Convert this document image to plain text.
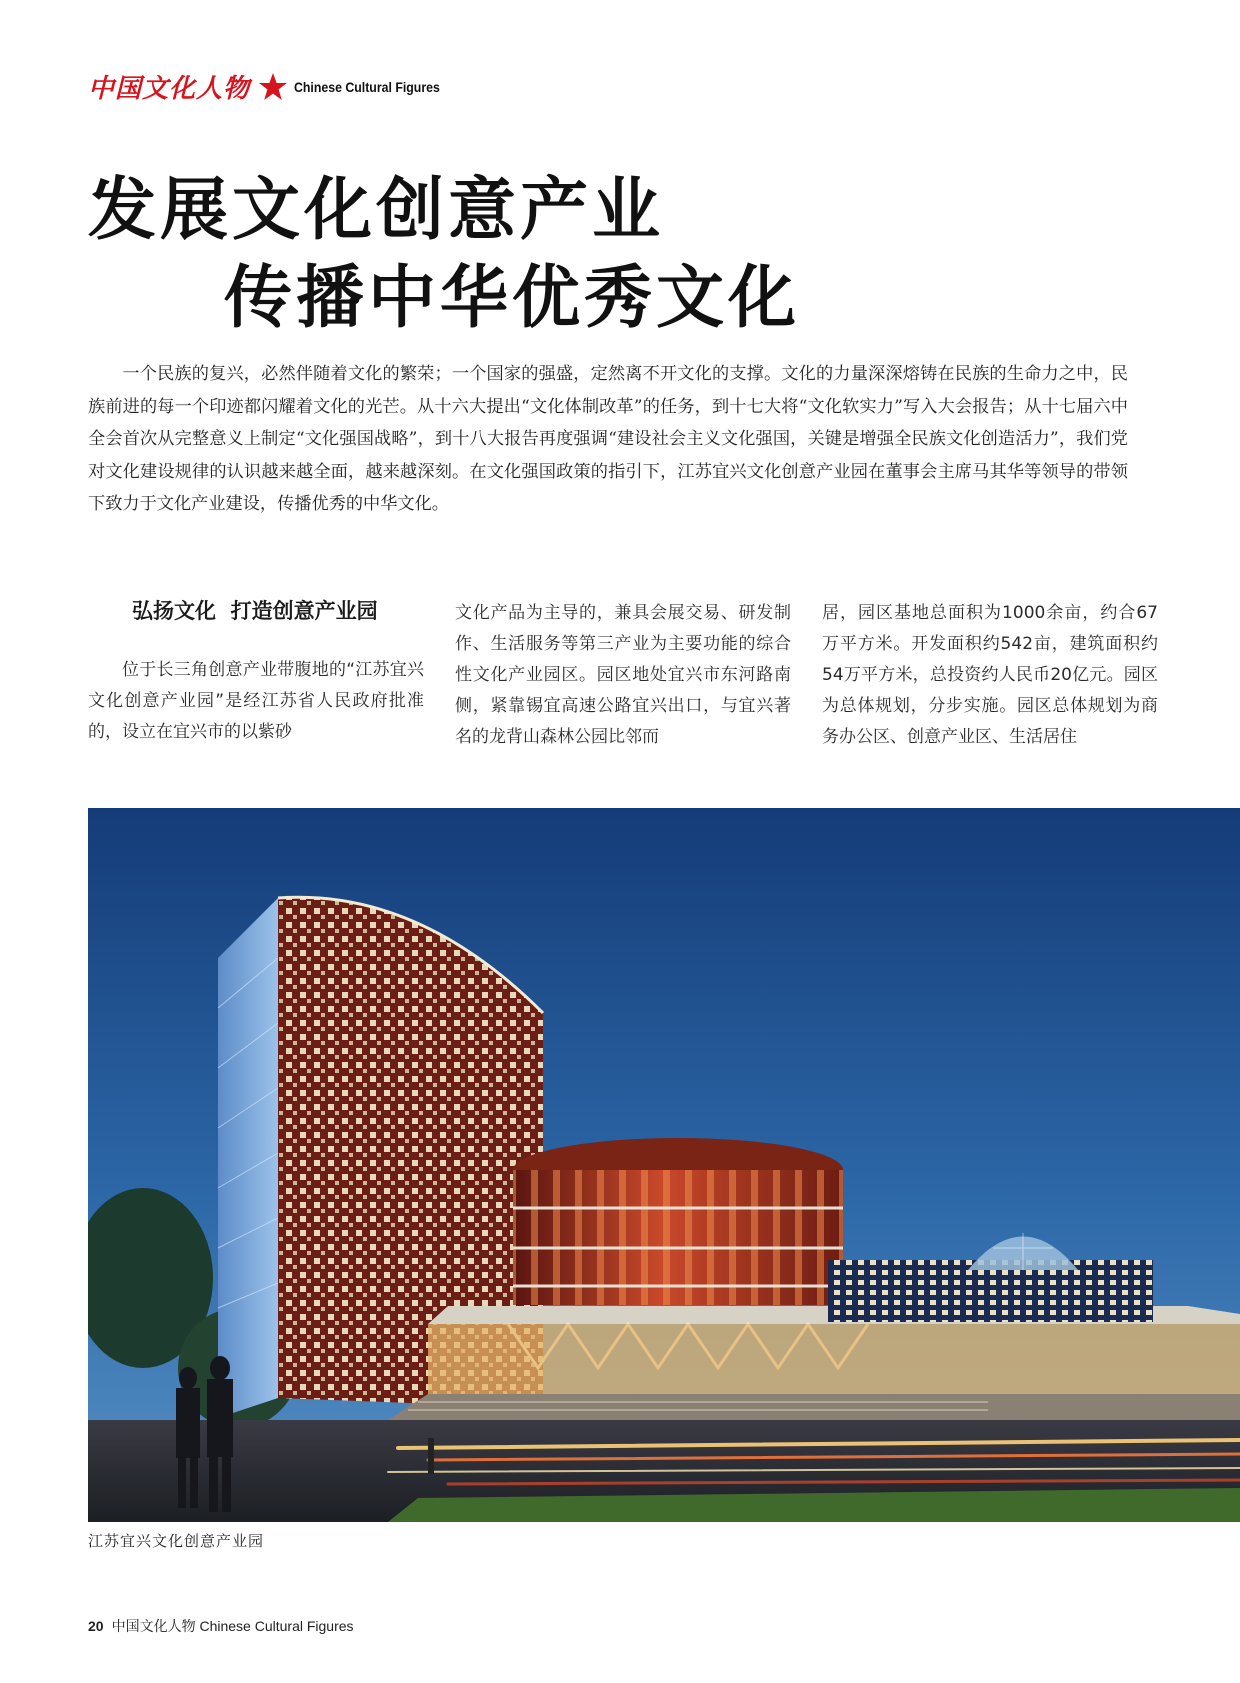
中国文化人物	Chinese Cultural Figures
发展文化创意产业
传播中华优秀文化

一个民族的复兴，必然伴随着文化的繁荣；一个国家的强盛，定然离不开文化的支撑。文化的力量深深熔铸在民族的生命力之中，民族前进的每一个印迹都闪耀着文化的光芒。从十六大提出“文化体制改革”的任务，到十七大将“文化软实力”写入大会报告；从十七届六中全会首次从完整意义上制定“文化强国战略”，到十八大报告再度强调“建设社会主义文化强国，关键是增强全民族文化创造活力”，我们党对文化建设规律的认识越来越全面，越来越深刻。在文化强国政策的指引下，江苏宜兴文化创意产业园在董事会主席马其华等领导的带领下致力于文化产业建设，传播优秀的中华文化。

弘扬文化  打造创意产业园

位于长三角创意产业带腹地的“江苏宜兴文化创意产业园”是经江苏省人民政府批准的，设立在宜兴市的以紫砂

文化产品为主导的，兼具会展交易、研发制作、生活服务等第三产业为主要功能的综合性文化产业园区。园区地处宜兴市东河路南侧，紧靠锡宜高速公路宜兴出口，与宜兴著名的龙背山森林公园比邻而

居，园区基地总面积为1000余亩，约合67万平方米。开发面积约542亩，建筑面积约54万平方米，总投资约人民币20亿元。园区为总体规划，分步实施。园区总体规划为商务办公区、创意产业区、生活居住

江苏宜兴文化创意产业园
20 中国文化人物 Chinese Cultural Figures
